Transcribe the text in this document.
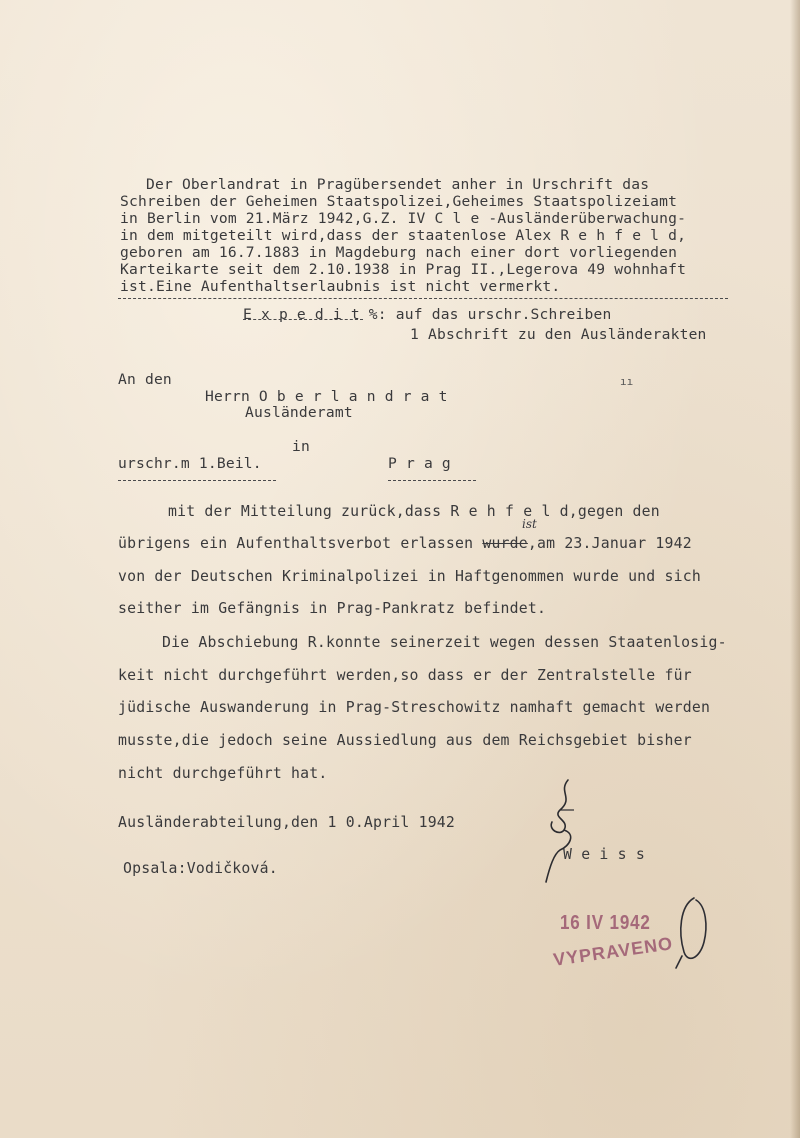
Der Oberlandrat in Pragübersendet anher in Urschrift das
Schreiben der Geheimen Staatspolizei,Geheimes Staatspolizeiamt
in Berlin vom 21.März 1942,G.Z. IV C l e -Ausländerüberwachung-
in dem mitgeteilt wird,dass der staatenlose Alex R e h f e l d,
geboren am 16.7.1883 in Magdeburg nach einer dort vorliegenden
Karteikarte seit dem 2.10.1938 in Prag II.,Legerova 49 wohnhaft
ist.Eine Aufenthaltserlaubnis ist nicht vermerkt.
E x p e d i t %: auf das urschr.Schreiben
1 Abschrift zu den Ausländerakten
An den
Herrn O b e r l a n d r a t
Ausländeramt
in
urschr.m 1.Beil.	P r a g
ıı
mit der Mitteilung zurück,dass R e h f e l d,gegen den
übrigens ein Aufenthaltsverbot erlassen wurde,am 23.Januar 1942
ist
von der Deutschen Kriminalpolizei in Haftgenommen wurde und sich
seither im Gefängnis in Prag-Pankratz befindet.
Die Abschiebung R.konnte seinerzeit wegen dessen Staatenlosig-
keit nicht durchgeführt werden,so dass er der Zentralstelle für
jüdische Auswanderung in Prag-Streschowitz namhaft gemacht werden
musste,die jedoch seine Aussiedlung aus dem Reichsgebiet bisher
nicht durchgeführt hat.
Ausländerabteilung,den 1 0.April 1942
W e i s s
Opsala:Vodičková.
16 IV 1942
VYPRAVENO
